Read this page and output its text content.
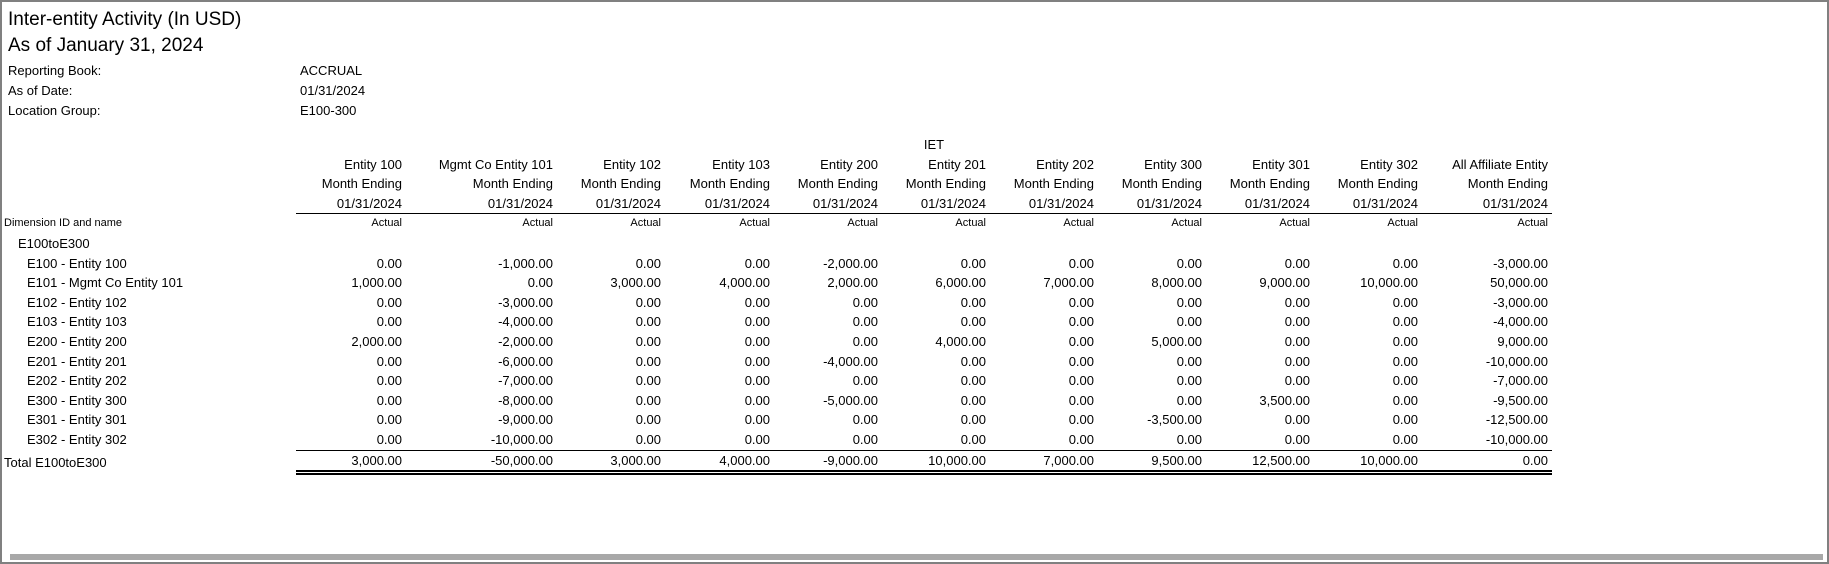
Inter-entity Activity (In USD)
As of January 31, 2024
Reporting Book:	ACCRUAL
As of Date:	01/31/2024
Location Group:	E100-300
						IET					
	Entity 100	Mgmt Co Entity 101	Entity 102	Entity 103	Entity 200	Entity 201	Entity 202	Entity 300	Entity 301	Entity 302	All Affiliate Entity
	Month Ending	Month Ending	Month Ending	Month Ending	Month Ending	Month Ending	Month Ending	Month Ending	Month Ending	Month Ending	Month Ending
	01/31/2024	01/31/2024	01/31/2024	01/31/2024	01/31/2024	01/31/2024	01/31/2024	01/31/2024	01/31/2024	01/31/2024	01/31/2024
Dimension ID and name	Actual	Actual	Actual	Actual	Actual	Actual	Actual	Actual	Actual	Actual	Actual
E100toE300											
E100 - Entity 100	0.00	-1,000.00	0.00	0.00	-2,000.00	0.00	0.00	0.00	0.00	0.00	-3,000.00
E101 - Mgmt Co Entity 101	1,000.00	0.00	3,000.00	4,000.00	2,000.00	6,000.00	7,000.00	8,000.00	9,000.00	10,000.00	50,000.00
E102 - Entity 102	0.00	-3,000.00	0.00	0.00	0.00	0.00	0.00	0.00	0.00	0.00	-3,000.00
E103 - Entity 103	0.00	-4,000.00	0.00	0.00	0.00	0.00	0.00	0.00	0.00	0.00	-4,000.00
E200 - Entity 200	2,000.00	-2,000.00	0.00	0.00	0.00	4,000.00	0.00	5,000.00	0.00	0.00	9,000.00
E201 - Entity 201	0.00	-6,000.00	0.00	0.00	-4,000.00	0.00	0.00	0.00	0.00	0.00	-10,000.00
E202 - Entity 202	0.00	-7,000.00	0.00	0.00	0.00	0.00	0.00	0.00	0.00	0.00	-7,000.00
E300 - Entity 300	0.00	-8,000.00	0.00	0.00	-5,000.00	0.00	0.00	0.00	3,500.00	0.00	-9,500.00
E301 - Entity 301	0.00	-9,000.00	0.00	0.00	0.00	0.00	0.00	-3,500.00	0.00	0.00	-12,500.00
E302 - Entity 302	0.00	-10,000.00	0.00	0.00	0.00	0.00	0.00	0.00	0.00	0.00	-10,000.00
Total E100toE300	3,000.00	-50,000.00	3,000.00	4,000.00	-9,000.00	10,000.00	7,000.00	9,500.00	12,500.00	10,000.00	0.00
